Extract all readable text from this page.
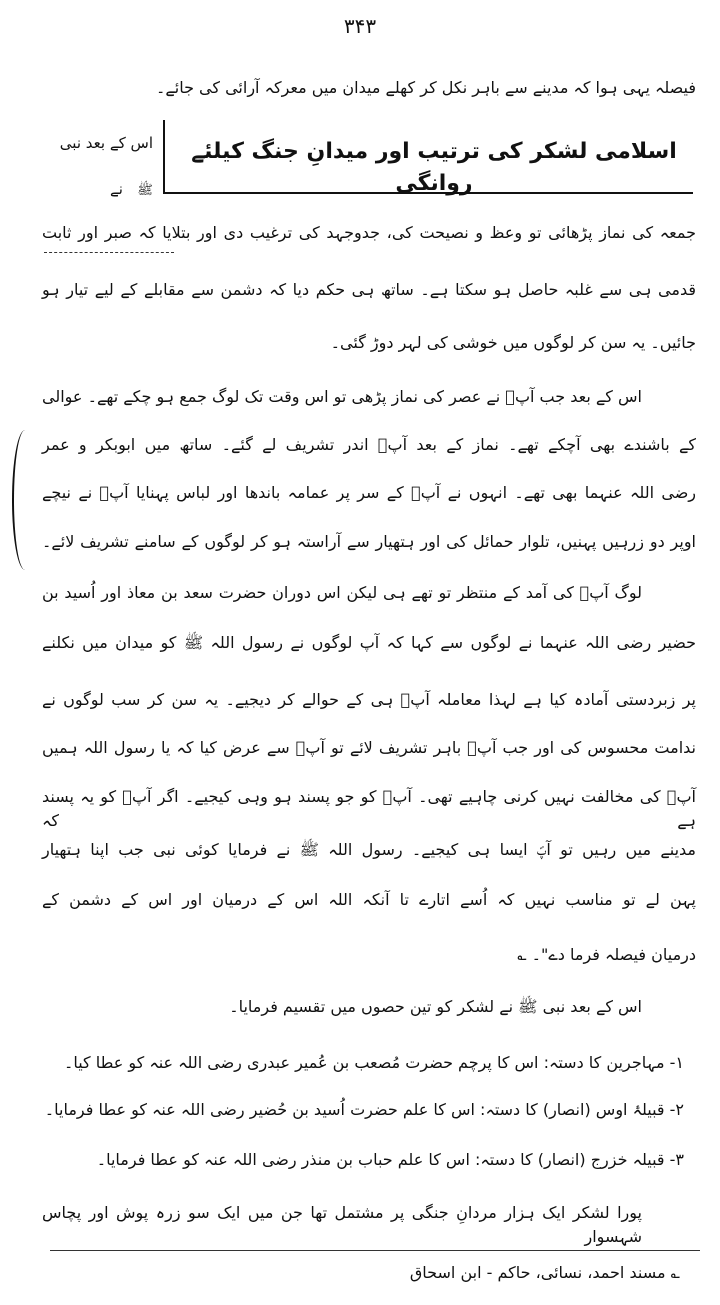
۳۴۳
فیصلہ یہی ہوا کہ مدینے سے باہر نکل کر کھلے میدان میں معرکہ آرائی کی جائے۔
اسلامی لشکر کی ترتیب اور میدانِ جنگ کیلئے روانگی
اس کے بعد نبی
ﷺ   نے
جمعہ کی نماز پڑھائی تو وعظ و نصیحت کی، جدوجہد کی ترغیب دی اور بتلایا کہ صبر اور ثابت
قدمی ہی سے غلبہ حاصل ہو سکتا ہے۔ ساتھ ہی حکم دیا کہ دشمن سے مقابلے کے لیے تیار ہو
جائیں۔ یہ سن کر لوگوں میں خوشی کی لہر دوڑ گئی۔
اس کے بعد جب آپؐ نے عصر کی نماز پڑھی تو اس وقت تک لوگ جمع ہو چکے تھے۔ عوالی
کے باشندے بھی آچکے تھے۔ نماز کے بعد آپؐ اندر تشریف لے گئے۔ ساتھ میں ابوبکر و عمر
رضی اللہ عنہما بھی تھے۔ انہوں نے آپؐ کے سر پر عمامہ باندھا اور لباس پہنایا آپؐ نے نیچے
اوپر دو زرہیں پہنیں، تلوار حمائل کی اور ہتھیار سے آراستہ ہو کر لوگوں کے سامنے تشریف لائے۔
لوگ آپؐ کی آمد کے منتظر تو تھے ہی لیکن اس دوران حضرت سعد بن معاذ اور اُسید بن
حضیر رضی اللہ عنہما نے لوگوں سے کہا کہ آپ لوگوں نے رسول اللہ ﷺ کو میدان میں نکلنے
پر زبردستی آمادہ کیا ہے لہذا معاملہ آپؐ ہی کے حوالے کر دیجیے۔ یہ سن کر سب لوگوں نے
ندامت محسوس کی اور جب آپؐ باہر تشریف لائے تو آپؐ سے عرض کیا کہ یا رسول اللہ ہمیں
آپؐ کی مخالفت نہیں کرنی چاہیے تھی۔ آپؐ کو جو پسند ہو وہی کیجیے۔ اگر آپؐ کو یہ پسند ہے کہ
مدینے میں رہیں تو آپؐ ایسا ہی کیجیے۔ رسول اللہ ﷺ نے فرمایا کوئی نبی جب اپنا ہتھیار
پہن لے تو مناسب نہیں کہ اُسے اتارے تا آنکہ اللہ اس کے درمیان اور اس کے دشمن کے
درمیان فیصلہ فرما دے"۔ ؎
اس کے بعد نبی ﷺ نے لشکر کو تین حصوں میں تقسیم فرمایا۔
۱- مہاجرین کا دستہ: اس کا پرچم حضرت مُصعب بن عُمیر عبدری رضی اللہ عنہ کو عطا کیا۔
۲- قبیلۂ اوس (انصار) کا دستہ: اس کا علم حضرت اُسید بن حُضیر رضی اللہ عنہ کو عطا فرمایا۔
۳- قبیلہ خزرج (انصار) کا دستہ: اس کا علم حباب بن منذر رضی اللہ عنہ کو عطا فرمایا۔
پورا لشکر ایک ہزار مردانِ جنگی پر مشتمل تھا جن میں ایک سو زرہ پوش اور پچاس شہسوار
؎ مسند احمد، نسائی، حاکم - ابن اسحاق
